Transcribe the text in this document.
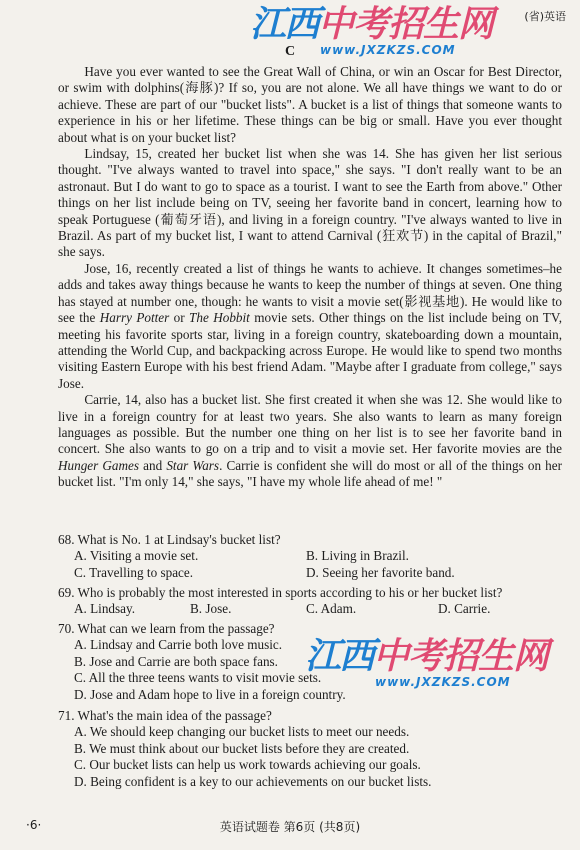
(省)英语
江西中考招生网
www.JXZKZS.COM
C

Have you ever wanted to see the Great Wall of China, or win an Oscar for Best Director, or swim with dolphins(海豚)? If so, you are not alone. We all have things we want to do or achieve. These are part of our "bucket lists". A bucket is a list of things that someone wants to experience in his or her lifetime. These things can be big or small. Have you ever thought about what is on your bucket list?

Lindsay, 15, created her bucket list when she was 14. She has given her list serious thought. "I've always wanted to travel into space," she says. "I don't really want to be an astronaut. But I do want to go to space as a tourist. I want to see the Earth from above." Other things on her list include being on TV, seeing her favorite band in concert, learning how to speak Portuguese (葡萄牙语), and living in a foreign country. "I've always wanted to live in Brazil. As part of my bucket list, I want to attend Carnival (狂欢节) in the capital of Brazil," she says.

Jose, 16, recently created a list of things he wants to achieve. It changes sometimes–he adds and takes away things because he wants to keep the number of things at seven. One thing has stayed at number one, though: he wants to visit a movie set(影视基地). He would like to see the Harry Potter or The Hobbit movie sets. Other things on the list include being on TV, meeting his favorite sports star, living in a foreign country, skateboarding down a mountain, attending the World Cup, and backpacking across Europe. He would like to spend two months visiting Eastern Europe with his best friend Adam. "Maybe after I graduate from college," says Jose.

Carrie, 14, also has a bucket list. She first created it when she was 12. She would like to live in a foreign country for at least two years. She also wants to learn as many foreign languages as possible. But the number one thing on her list is to see her favorite band in concert. She also wants to go on a trip and to visit a movie set. Her favorite movies are the Hunger Games and Star Wars. Carrie is confident she will do most or all of the things on her bucket list. "I'm only 14," she says, "I have my whole life ahead of me! "

68. What is No. 1 at Lindsay's bucket list?
A. Visiting a movie set.	B. Living in Brazil.
C. Travelling to space.	D. Seeing her favorite band.
69. Who is probably the most interested in sports according to his or her bucket list?
A. Lindsay.	B. Jose.	C. Adam.	D. Carrie.
70. What can we learn from the passage?
A. Lindsay and Carrie both love music.
B. Jose and Carrie are both space fans.
C. All the three teens wants to visit movie sets.
D. Jose and Adam hope to live in a foreign country.
江西中考招生网
www.JXZKZS.COM
71. What's the main idea of the passage?
A. We should keep changing our bucket lists to meet our needs.
B. We must think about our bucket lists before they are created.
C. Our bucket lists can help us work towards achieving our goals.
D. Being confident is a key to our achievements on our bucket lists.
·6·	英语试题卷 第6页 (共8页)
